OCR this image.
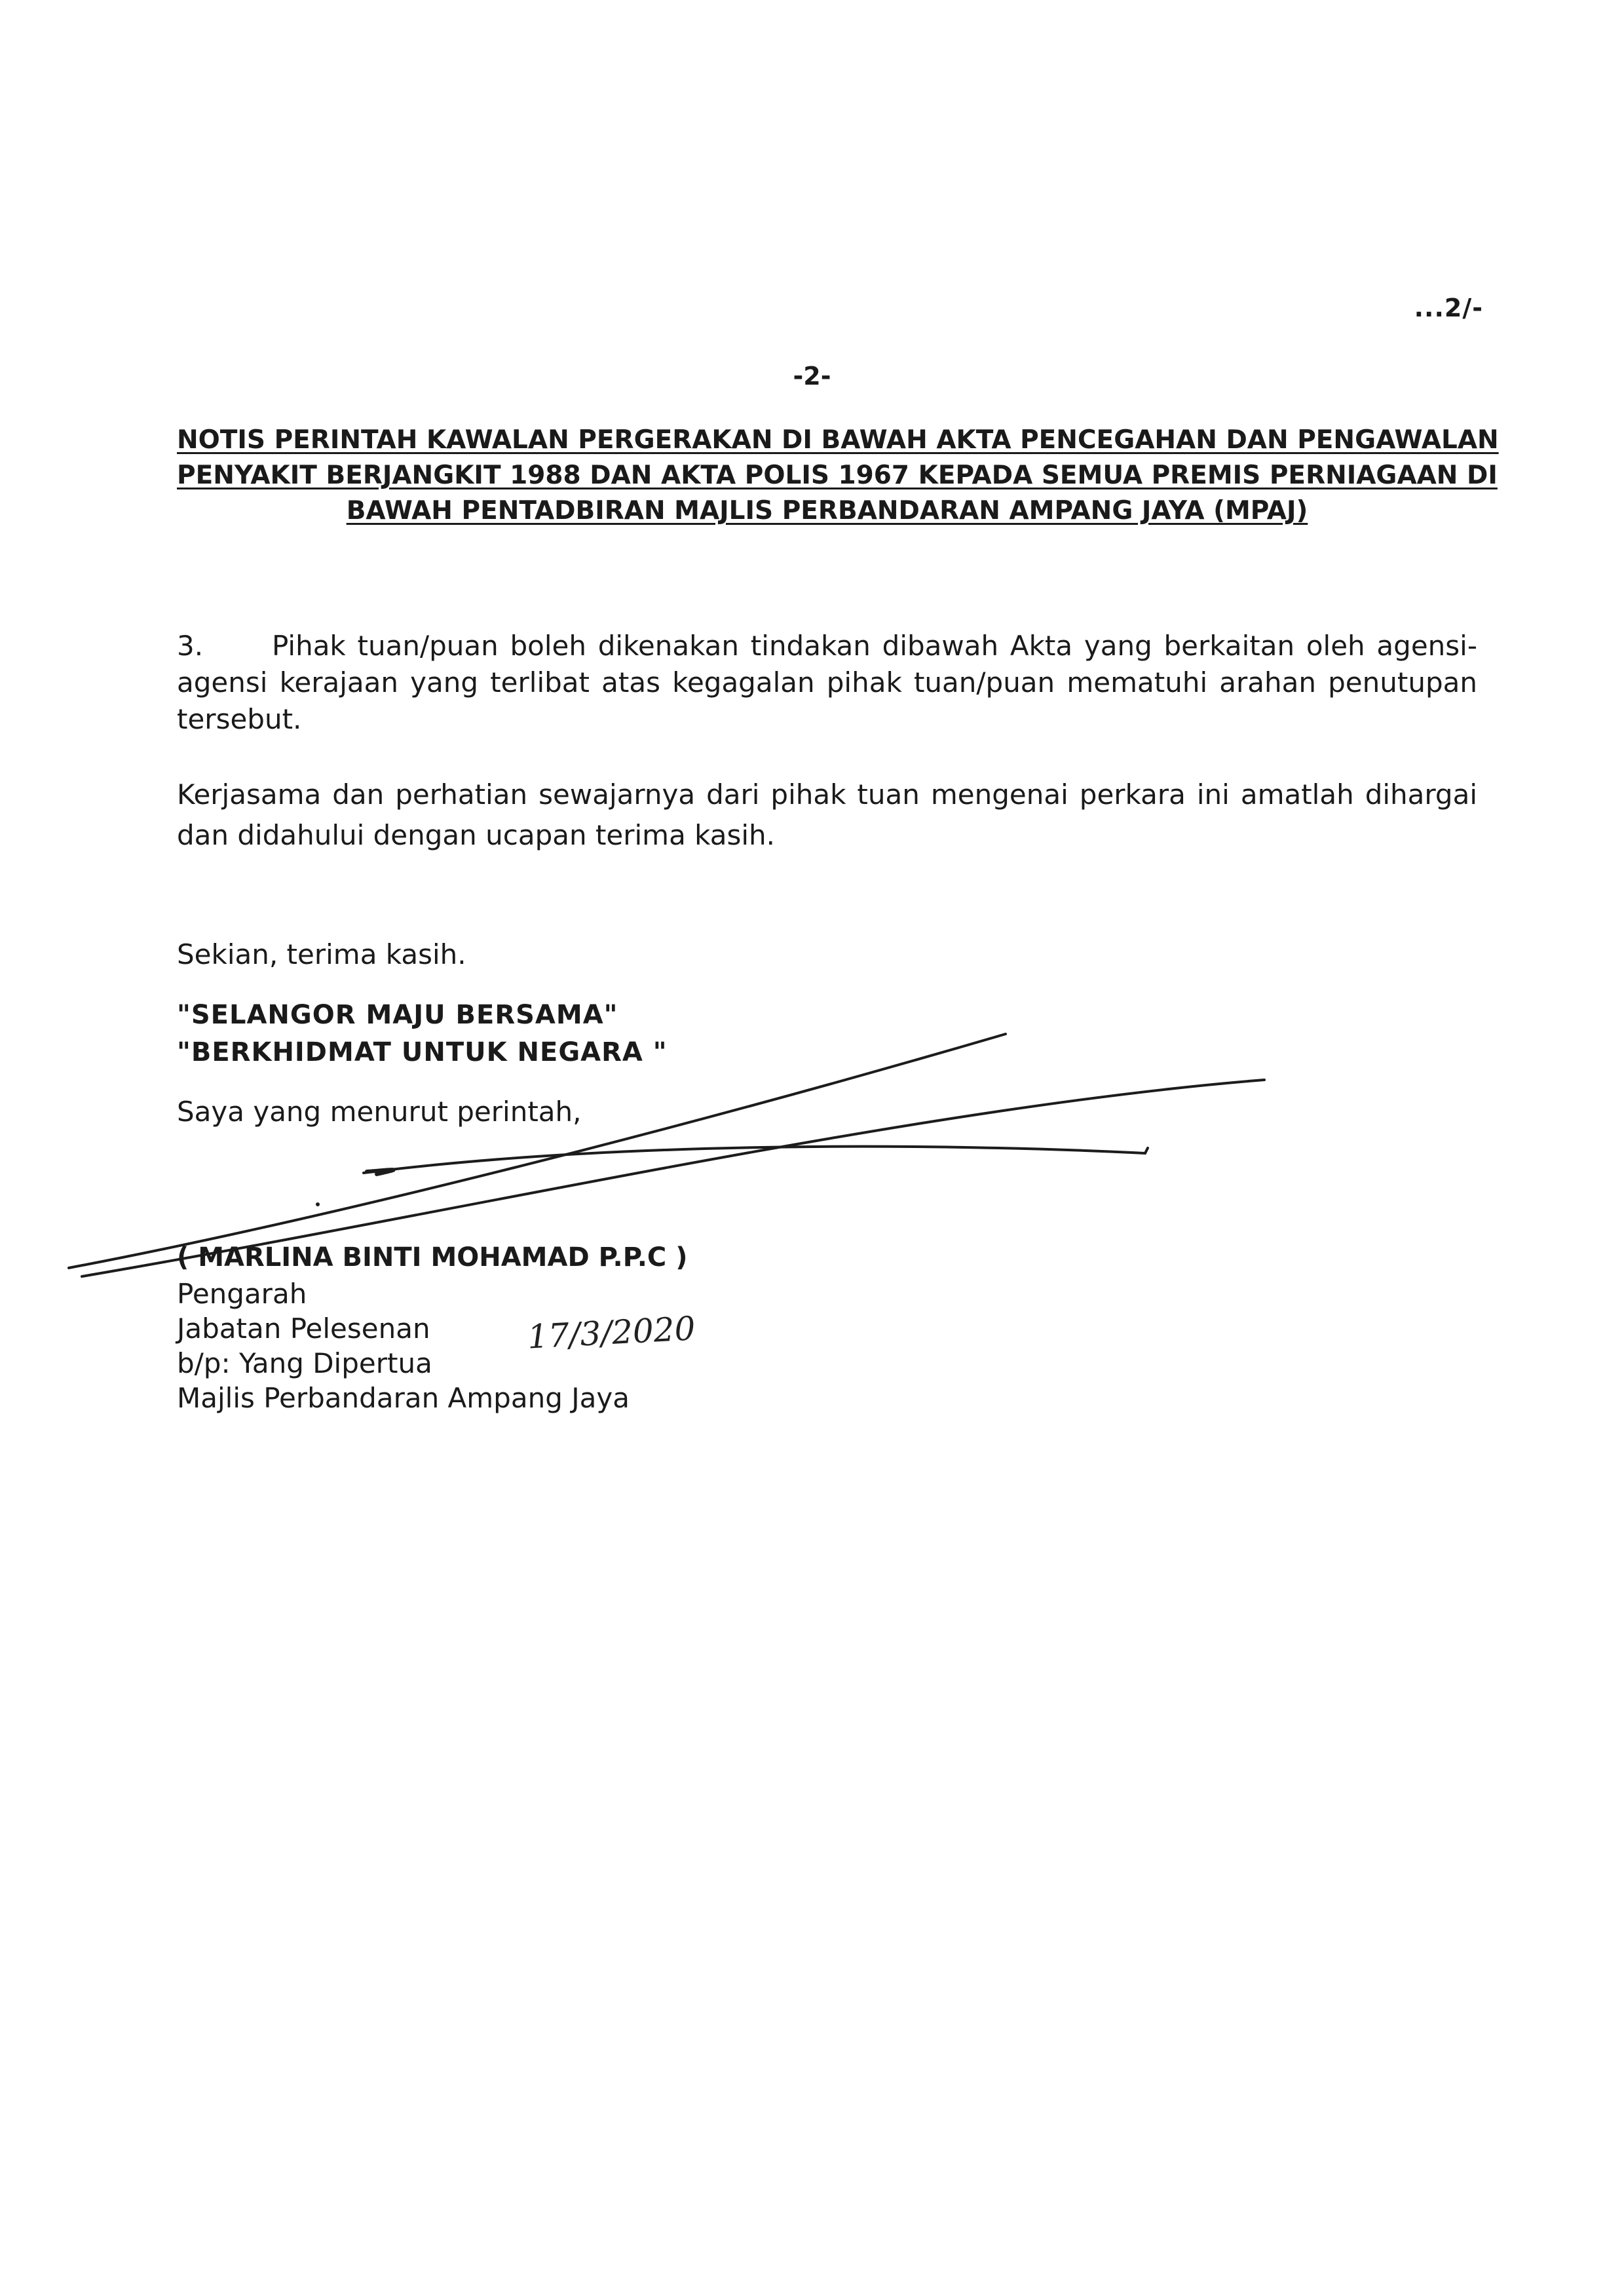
...2/-
-2-
NOTIS PERINTAH KAWALAN PERGERAKAN DI BAWAH AKTA PENCEGAHAN DAN PENGAWALAN
PENYAKIT BERJANGKIT 1988 DAN AKTA POLIS 1967 KEPADA SEMUA PREMIS PERNIAGAAN DI
BAWAH PENTADBIRAN MAJLIS PERBANDARAN AMPANG JAYA (MPAJ)
3. Pihak tuan/puan boleh dikenakan tindakan dibawah Akta yang berkaitan oleh agensi-agensi kerajaan yang terlibat atas kegagalan pihak tuan/puan mematuhi arahan penutupan tersebut.
Kerjasama dan perhatian sewajarnya dari pihak tuan mengenai perkara ini amatlah dihargai dan didahului dengan ucapan terima kasih.
Sekian, terima kasih.
"SELANGOR MAJU BERSAMA"
"BERKHIDMAT UNTUK NEGARA "
Saya yang menurut perintah,
( MARLINA BINTI MOHAMAD P.P.C )
Pengarah
Jabatan Pelesenan
b/p: Yang Dipertua
Majlis Perbandaran Ampang Jaya
17/3/2020
